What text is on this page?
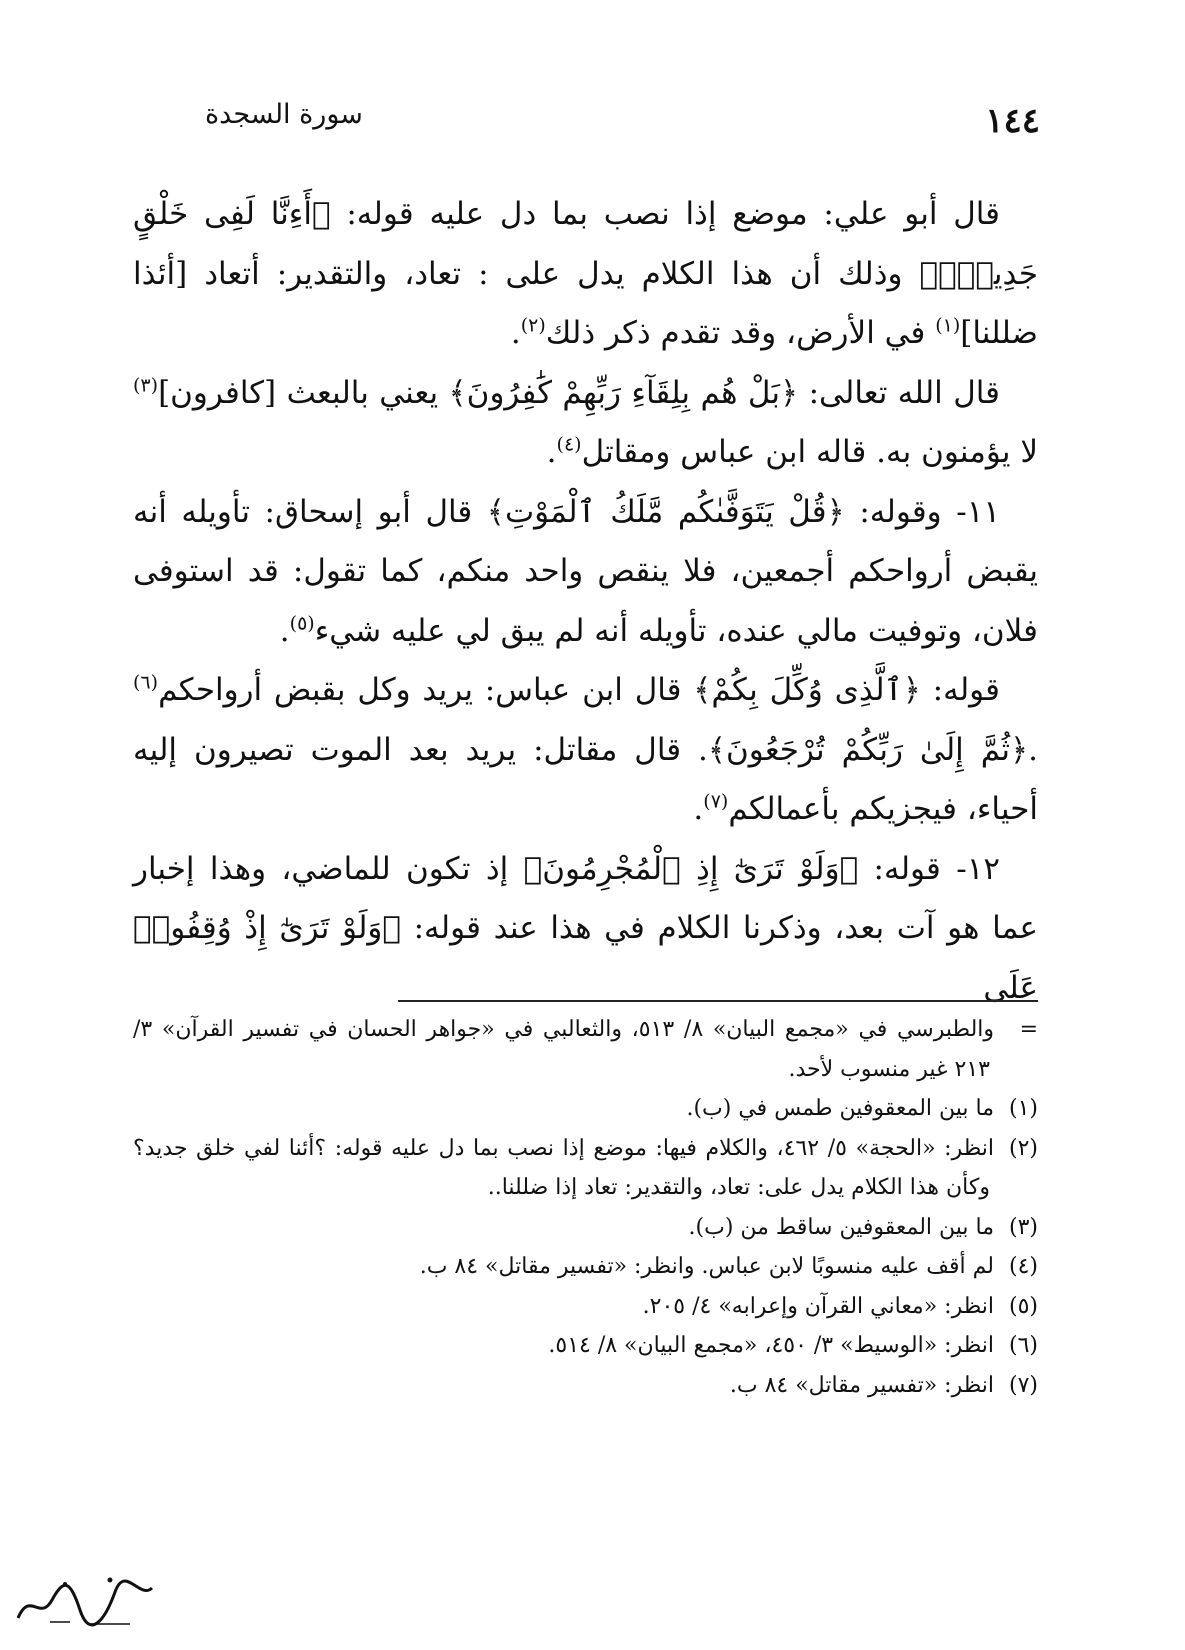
١٤٤
سورة السجدة

قال أبو علي: موضع إذا نصب بما دل عليه قوله: ﴿أَءِنَّا لَفِى خَلْقٍ جَدِيدٍۭ﴾ وذلك أن هذا الكلام يدل على : تعاد، والتقدير: أتعاد [أئذا ضللنا]$^{(١)}$ في الأرض، وقد تقدم ذكر ذلك$^{(٢)}$.

قال الله تعالى: ﴿بَلْ هُم بِلِقَآءِ رَبِّهِمْ كَٰفِرُونَ﴾ يعني بالبعث [كافرون]$^{(٣)}$ لا يؤمنون به. قاله ابن عباس ومقاتل$^{(٤)}$.

١١- وقوله: ﴿قُلْ يَتَوَفَّىٰكُم مَّلَكُ ٱلْمَوْتِ﴾ قال أبو إسحاق: تأويله أنه يقبض أرواحكم أجمعين، فلا ينقص واحد منكم، كما تقول: قد استوفى فلان، وتوفيت مالي عنده، تأويله أنه لم يبق لي عليه شيء$^{(٥)}$.

قوله: ﴿ٱلَّذِى وُكِّلَ بِكُمْ﴾ قال ابن عباس: يريد وكل بقبض أرواحكم$^{(٦)}$ .﴿ثُمَّ إِلَىٰ رَبِّكُمْ تُرْجَعُونَ﴾. قال مقاتل: يريد بعد الموت تصيرون إليه أحياء، فيجزيكم بأعمالكم$^{(٧)}$.

١٢- قوله: ﴿وَلَوْ تَرَىٰٓ إِذِ ٱلْمُجْرِمُونَ﴾ إذ تكون للماضي، وهذا إخبار عما هو آت بعد، وذكرنا الكلام في هذا عند قوله: ﴿وَلَوْ تَرَىٰٓ إِذْ وُقِفُوا۟ عَلَى

=والطبرسي في «مجمع البيان» ٨/ ٥١٣، والثعالبي في «جواهر الحسان في تفسير القرآن» ٣/ ٢١٣ غير منسوب لأحد.

(١)ما بين المعقوفين طمس في (ب).

(٢)انظر: «الحجة» ٥/ ٤٦٢، والكلام فيها: موضع إذا نصب بما دل عليه قوله: ؟أئنا لفي خلق جديد؟ وكأن هذا الكلام يدل على: تعاد، والتقدير: تعاد إذا ضللنا..

(٣)ما بين المعقوفين ساقط من (ب).

(٤)لم أقف عليه منسوبًا لابن عباس. وانظر: «تفسير مقاتل» ٨٤ ب.

(٥)انظر: «معاني القرآن وإعرابه» ٤/ ٢٠٥.

(٦)انظر: «الوسيط» ٣/ ٤٥٠، «مجمع البيان» ٨/ ٥١٤.

(٧)انظر: «تفسير مقاتل» ٨٤ ب.
